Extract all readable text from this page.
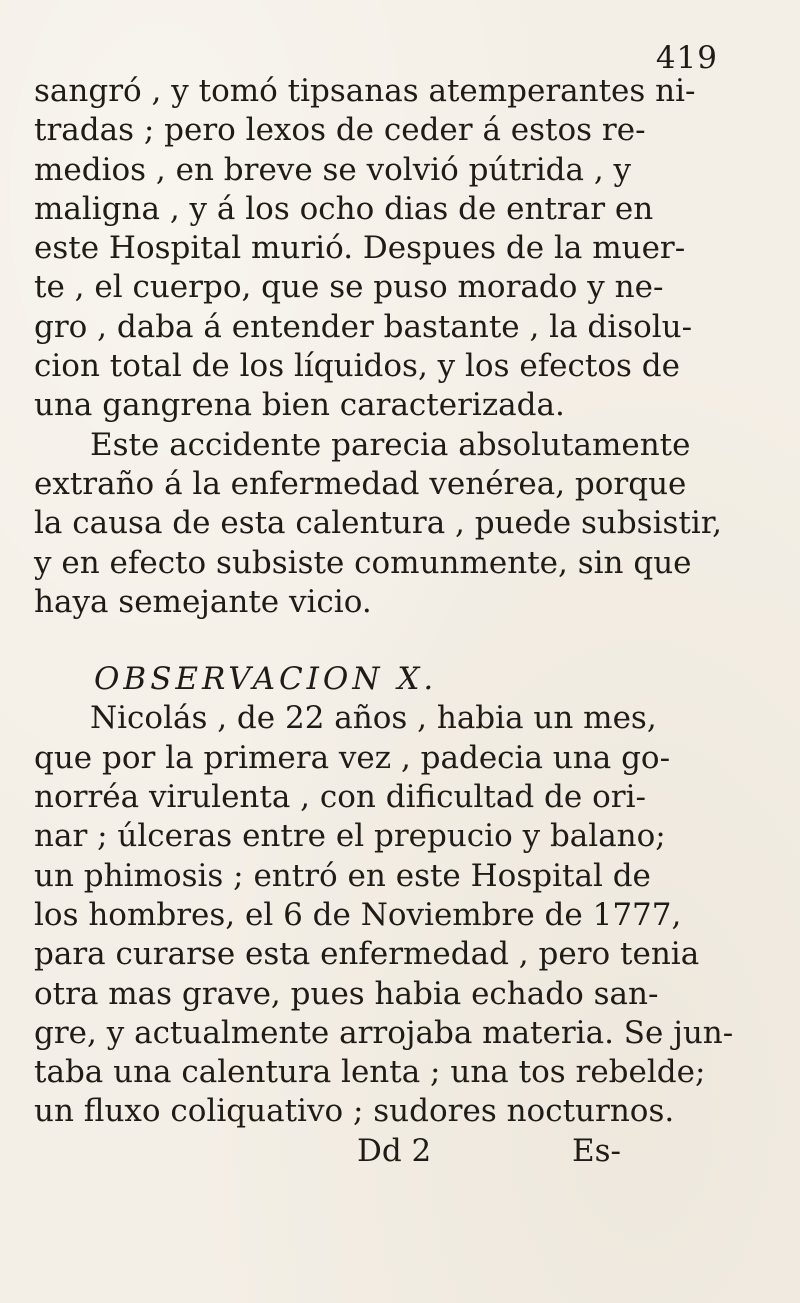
419
sangró , y tomó tipsanas atemperantes ni-
tradas ; pero lexos de ceder á estos re-
medios , en breve se volvió pútrida , y
maligna , y á los ocho dias de entrar en
este Hospital murió. Despues de la muer-
te , el cuerpo, que se puso morado y ne-
gro , daba á entender bastante , la disolu-
cion total de los líquidos, y los efectos de
una gangrena bien caracterizada.
Este accidente parecia absolutamente
extraño á la enfermedad venérea, porque
la causa de esta calentura , puede subsistir,
y en efecto subsiste comunmente, sin que
haya semejante vicio.
OBSERVACION X.
Nicolás , de 22 años , habia un mes,
que por la primera vez , padecia una go-
norréa virulenta , con dificultad de ori-
nar ; úlceras entre el prepucio y balano;
un phimosis ; entró en este Hospital de
los hombres, el 6 de Noviembre de 1777,
para curarse esta enfermedad , pero tenia
otra mas grave, pues habia echado san-
gre, y actualmente arrojaba materia. Se jun-
taba una calentura lenta ; una tos rebelde;
un fluxo coliquativo ; sudores nocturnos.
Dd 2	Es-
